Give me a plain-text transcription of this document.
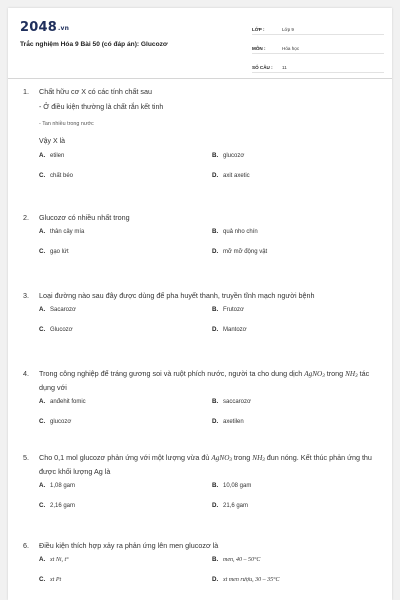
2048.vn
Trắc nghiệm Hóa 9 Bài 50 (có đáp án): Glucozơ
LỚP :	Lớp 9
MÔN :	Hóa học
SỐ CÂU :	11
1.	Chất hữu cơ X có các tính chất sau
- Ở điều kiện thường là chất rắn kết tinh
- Tan nhiều trong nước
Vậy X là
A. etilen	B. glucozơ
C. chất béo	D. axit axetic
2.	Glucozơ có nhiều nhất trong
A. thân cây mía	B. quả nho chín
C. gạo lứt	D. mỡ mỡ động vật
3.	Loại đường nào sau đây được dùng để pha huyết thanh, truyền tĩnh mạch người bệnh
A. Sacarozơ	B. Frutozơ
C. Glucozơ	D. Mantozơ
4.	Trong công nghiệp để tráng gương soi và ruột phích nước, người ta cho dung dịch AgNO$_3$ trong $NH_3$ tác dụng với
A. anđehit fomic	B. saccarozơ
C. glucozơ	D. axetilen
5.	Cho 0,1 mol glucozơ phản ứng với một lượng vừa đủ AgNO$_3$ trong $NH_3$ đun nóng. Kết thúc phản ứng thu được khối lượng Ag là
A. 1,08 gam	B. 10,08 gam
C. 2,16 gam	D. 21,6 gam
6.	Điều kiện thích hợp xảy ra phản ứng lên men glucozơ là
A. xt Ni, t°	B. men, 40 – 50°C
C. xt Pt	D. xt men rượu, 30 – 35°C
